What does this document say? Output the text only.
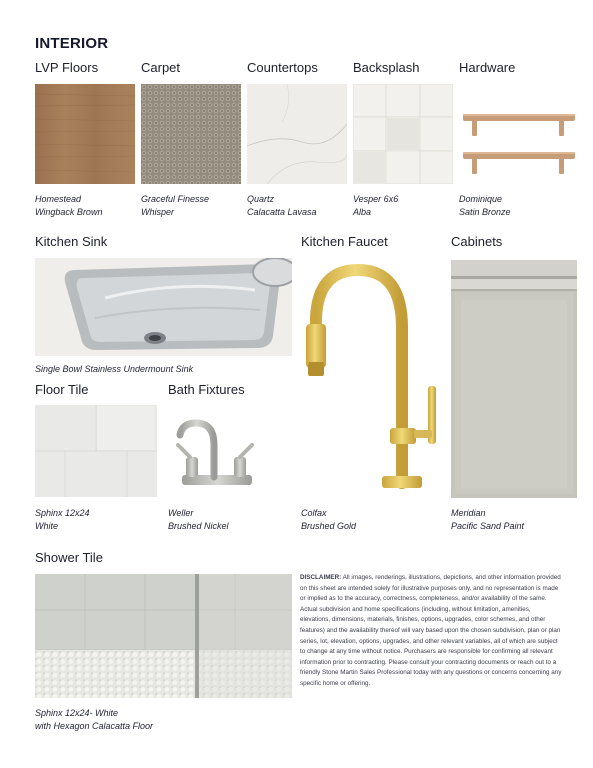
INTERIOR
LVP Floors	Carpet	Countertops	Backsplash	Hardware
Homestead
Wingback Brown
Graceful Finesse
Whisper
Quartz
Calacatta Lavasa
Vesper 6x6
Alba
Dominique
Satin Bronze
Kitchen Sink	Kitchen Faucet	Cabinets
Single Bowl Stainless Undermount Sink
Colfax
Brushed Gold
Meridian
Pacific Sand Paint
Floor Tile	Bath Fixtures
Sphinx 12x24
White
Weller
Brushed Nickel
Shower Tile
Sphinx 12x24- White
with Hexagon Calacatta Floor
DISCLAIMER: All images, renderings, illustrations, depictions, and other information provided on this sheet are intended solely for illustrative purposes only, and no representation is made or implied as to the accuracy, correctness, completeness, and/or availability of the same. Actual subdivision and home specifications (including, without limitation, amenities, elevations, dimensions, materials, finishes, options, upgrades, color schemes, and other features) and the availability thereof will vary based upon the chosen subdivision, plan or plan series, lot, elevation, options, upgrades, and other relevant variables, all of which are subject to change at any time without notice. Purchasers are responsible for confirming all relevant information prior to contracting. Please consult your contracting documents or reach out to a friendly Stone Martin Sales Professional today with any questions or concerns concerning any specific home or offering.
